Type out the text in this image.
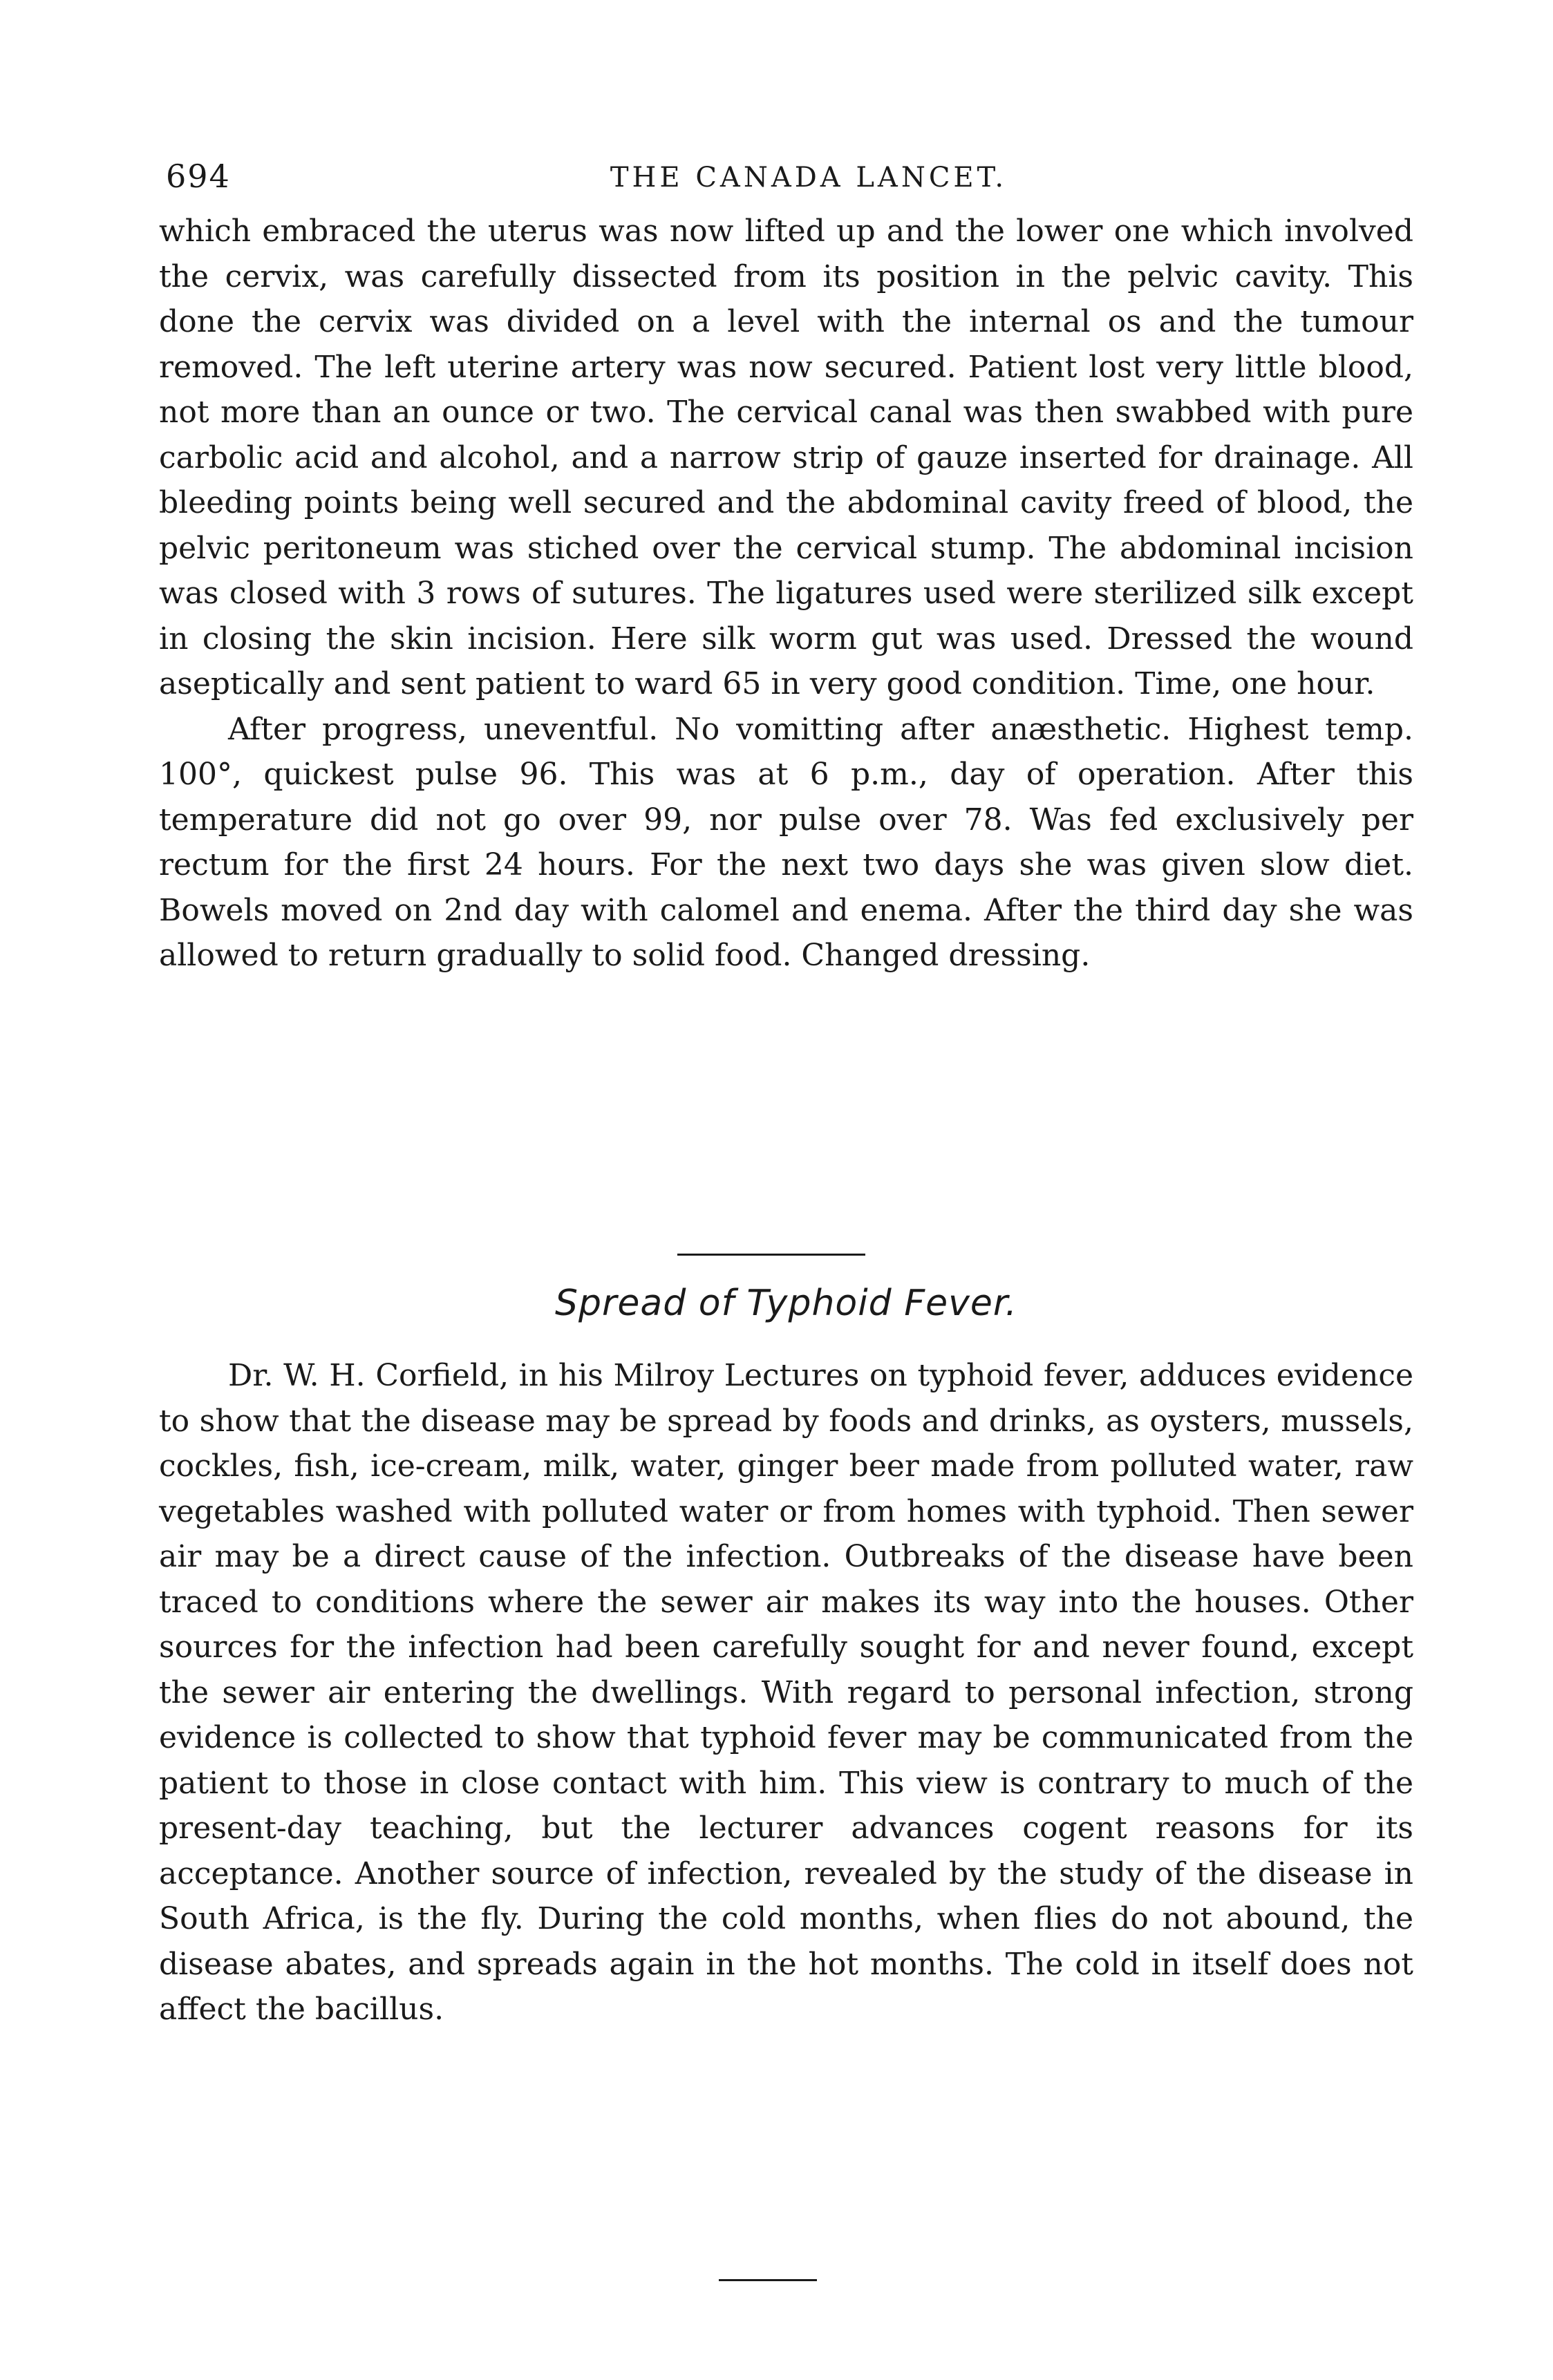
694	THE CANADA LANCET.

which embraced the uterus was now lifted up and the lower one which involved the cervix, was carefully dissected from its position in the pelvic cavity. This done the cervix was divided on a level with the internal os and the tumour removed. The left uterine artery was now secured. Patient lost very little blood, not more than an ounce or two. The cervical canal was then swabbed with pure carbolic acid and alcohol, and a narrow strip of gauze inserted for drainage. All bleeding points being well secured and the abdominal cavity freed of blood, the pelvic peritoneum was stiched over the cervical stump. The abdominal incision was closed with 3 rows of sutures. The ligatures used were sterilized silk except in closing the skin incision. Here silk worm gut was used. Dressed the wound aseptically and sent patient to ward 65 in very good condition. Time, one hour.

After progress, uneventful. No vomitting after anæsthetic. Highest temp. 100°, quickest pulse 96. This was at 6 p.m., day of operation. After this temperature did not go over 99, nor pulse over 78. Was fed exclusively per rectum for the first 24 hours. For the next two days she was given slow diet. Bowels moved on 2nd day with calomel and enema. After the third day she was allowed to return gradually to solid food. Changed dressing.

Spread of Typhoid Fever.

Dr. W. H. Corfield, in his Milroy Lectures on typhoid fever, adduces evidence to show that the disease may be spread by foods and drinks, as oysters, mussels, cockles, fish, ice-cream, milk, water, ginger beer made from polluted water, raw vegetables washed with polluted water or from homes with typhoid. Then sewer air may be a direct cause of the infection. Outbreaks of the disease have been traced to conditions where the sewer air makes its way into the houses. Other sources for the infection had been carefully sought for and never found, except the sewer air entering the dwellings. With regard to personal infection, strong evidence is collected to show that typhoid fever may be communicated from the patient to those in close contact with him. This view is contrary to much of the present-day teaching, but the lecturer advances cogent reasons for its acceptance. Another source of infection, revealed by the study of the disease in South Africa, is the fly. During the cold months, when flies do not abound, the disease abates, and spreads again in the hot months. The cold in itself does not affect the bacillus.
